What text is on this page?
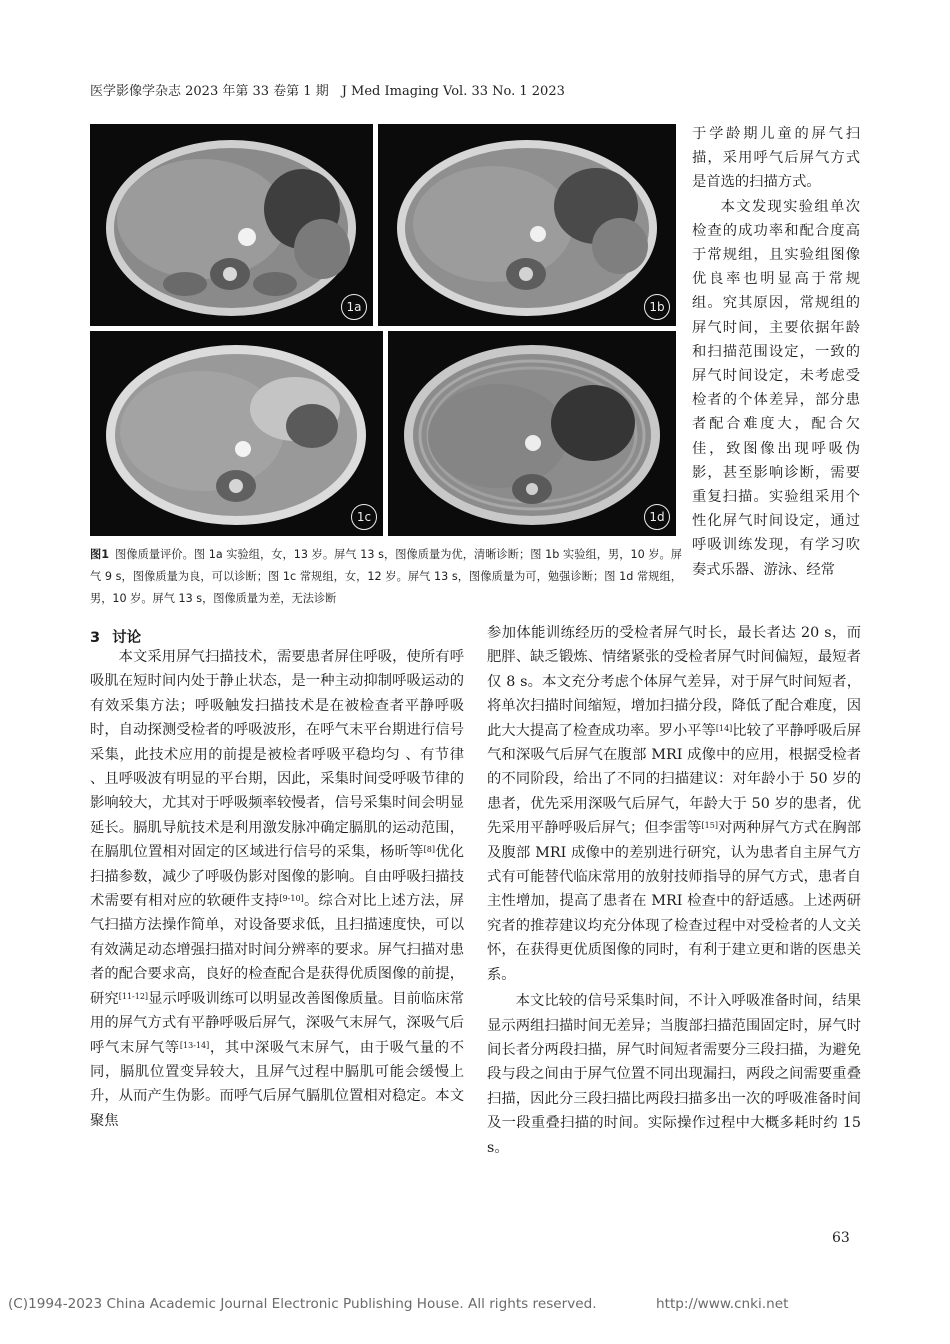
医学影像学杂志 2023 年第 33 卷第 1 期　J Med Imaging Vol. 33 No. 1 2023
1a	1b
1c	1d
图1 图像质量评价。图 1a 实验组，女，13 岁。屏气 13 s，图像质量为优，清晰诊断；图 1b 实验组，男，10 岁。屏气 9 s，图像质量为良，可以诊断；图 1c 常规组，女，12 岁。屏气 13 s，图像质量为可，勉强诊断；图 1d 常规组，男，10 岁。屏气 13 s，图像质量为差，无法诊断

于学龄期儿童的屏气扫描，采用呼气后屏气方式是首选的扫描方式。

本文发现实验组单次检查的成功率和配合度高于常规组，且实验组图像优良率也明显高于常规组。究其原因，常规组的屏气时间，主要依据年龄和扫描范围设定，一致的屏气时间设定，未考虑受检者的个体差异，部分患者配合难度大，配合欠佳，致图像出现呼吸伪影，甚至影响诊断，需要重复扫描。实验组采用个性化屏气时间设定，通过呼吸训练发现，有学习吹奏式乐器、游泳、经常

3 讨论

本文采用屏气扫描技术，需要患者屏住呼吸，使所有呼吸肌在短时间内处于静止状态，是一种主动抑制呼吸运动的有效采集方法；呼吸触发扫描技术是在被检查者平静呼吸时，自动探测受检者的呼吸波形，在呼气末平台期进行信号采集，此技术应用的前提是被检者呼吸平稳均匀 、有节律 、且呼吸波有明显的平台期，因此，采集时间受呼吸节律的影响较大，尤其对于呼吸频率较慢者，信号采集时间会明显延长。膈肌导航技术是利用激发脉冲确定膈肌的运动范围，在膈肌位置相对固定的区域进行信号的采集，杨昕等[8]优化扫描参数，减少了呼吸伪影对图像的影响。自由呼吸扫描技术需要有相对应的软硬件支持[9-10]。综合对比上述方法，屏气扫描方法操作简单，对设备要求低，且扫描速度快，可以有效满足动态增强扫描对时间分辨率的要求。屏气扫描对患者的配合要求高，良好的检查配合是获得优质图像的前提，研究[11-12]显示呼吸训练可以明显改善图像质量。目前临床常用的屏气方式有平静呼吸后屏气，深吸气末屏气，深吸气后呼气末屏气等[13-14]，其中深吸气末屏气，由于吸气量的不同，膈肌位置变异较大，且屏气过程中膈肌可能会缓慢上升，从而产生伪影。而呼气后屏气膈肌位置相对稳定。本文聚焦

参加体能训练经历的受检者屏气时长，最长者达 20 s，而肥胖、缺乏锻炼、情绪紧张的受检者屏气时间偏短，最短者仅 8 s。本文充分考虑个体屏气差异，对于屏气时间短者，将单次扫描时间缩短，增加扫描分段，降低了配合难度，因此大大提高了检查成功率。罗小平等[14]比较了平静呼吸后屏气和深吸气后屏气在腹部 MRI 成像中的应用，根据受检者的不同阶段，给出了不同的扫描建议：对年龄小于 50 岁的患者，优先采用深吸气后屏气，年龄大于 50 岁的患者，优先采用平静呼吸后屏气；但李雷等[15]对两种屏气方式在胸部及腹部 MRI 成像中的差别进行研究，认为患者自主屏气方式有可能替代临床常用的放射技师指导的屏气方式，患者自主性增加，提高了患者在 MRI 检查中的舒适感。上述两研究者的推荐建议均充分体现了检查过程中对受检者的人文关怀，在获得更优质图像的同时，有利于建立更和谐的医患关系。

本文比较的信号采集时间，不计入呼吸准备时间，结果显示两组扫描时间无差异；当腹部扫描范围固定时，屏气时间长者分两段扫描，屏气时间短者需要分三段扫描，为避免段与段之间由于屏气位置不同出现漏扫，两段之间需要重叠扫描，因此分三段扫描比两段扫描多出一次的呼吸准备时间及一段重叠扫描的时间。实际操作过程中大概多耗时约 15 s。

63
(C)1994-2023 China Academic Journal Electronic Publishing House. All rights reserved.	http://www.cnki.net
